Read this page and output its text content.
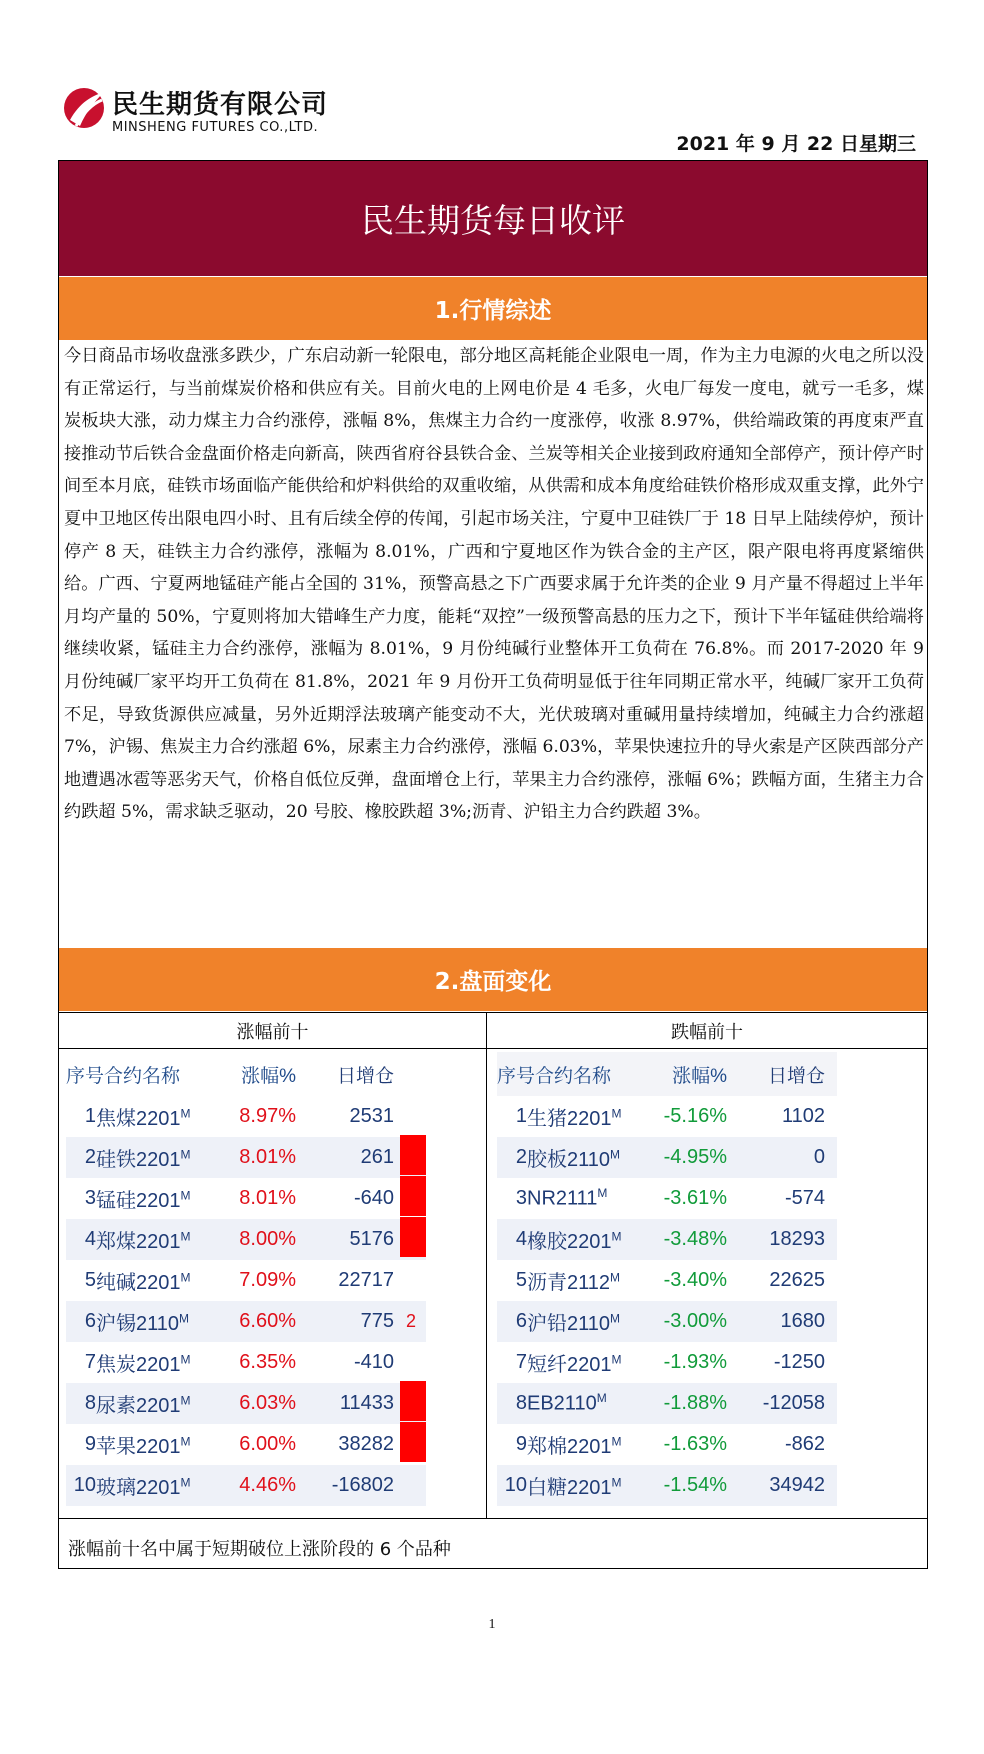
民生期货有限公司
MINSHENG FUTURES CO.,LTD.
2021 年 9 月 22 日星期三
民生期货每日收评
1.行情综述
今日商品市场收盘涨多跌少，广东启动新一轮限电，部分地区高耗能企业限电一周，作为主力电源的火电之所以没有正常运行，与当前煤炭价格和供应有关。目前火电的上网电价是 4 毛多，火电厂每发一度电，就亏一毛多，煤炭板块大涨，动力煤主力合约涨停，涨幅 8%，焦煤主力合约一度涨停，收涨 8.97%，供给端政策的再度束严直接推动节后铁合金盘面价格走向新高，陕西省府谷县铁合金、兰炭等相关企业接到政府通知全部停产，预计停产时间至本月底，硅铁市场面临产能供给和炉料供给的双重收缩，从供需和成本角度给硅铁价格形成双重支撑，此外宁夏中卫地区传出限电四小时、且有后续全停的传闻，引起市场关注，宁夏中卫硅铁厂于 18 日早上陆续停炉，预计停产 8 天，硅铁主力合约涨停，涨幅为 8.01%，广西和宁夏地区作为铁合金的主产区，限产限电将再度紧缩供给。广西、宁夏两地锰硅产能占全国的 31%，预警高悬之下广西要求属于允许类的企业 9 月产量不得超过上半年月均产量的 50%，宁夏则将加大错峰生产力度，能耗“双控”一级预警高悬的压力之下，预计下半年锰硅供给端将继续收紧，锰硅主力合约涨停，涨幅为 8.01%，9 月份纯碱行业整体开工负荷在 76.8%。而 2017-2020 年 9 月份纯碱厂家平均开工负荷在 81.8%，2021 年 9 月份开工负荷明显低于往年同期正常水平，纯碱厂家开工负荷不足，导致货源供应减量，另外近期浮法玻璃产能变动不大，光伏玻璃对重碱用量持续增加，纯碱主力合约涨超 7%，沪锡、焦炭主力合约涨超 6%，尿素主力合约涨停，涨幅 6.03%，苹果快速拉升的导火索是产区陕西部分产地遭遇冰雹等恶劣天气，价格自低位反弹，盘面增仓上行，苹果主力合约涨停，涨幅 6%；跌幅方面，生猪主力合约跌超 5%，需求缺乏驱动，20 号胶、橡胶跌超 3%;沥青、沪铅主力合约跌超 3%。
2.盘面变化
涨幅前十	跌幅前十
序号合约名称	涨幅%	日增仓
1 焦煤$2201^M$	8.97%	2531
2 硅铁$2201^M$	8.01%	261
3 锰硅$2201^M$	8.01%	-640
4 郑煤$2201^M$	8.00%	5176
5 纯碱$2201^M$	7.09%	22717
6 沪锡$2110^M$	6.60%	775 2
7 焦炭$2201^M$	6.35%	-410
8 尿素$2201^M$	6.03%	11433
9 苹果$2201^M$	6.00%	38282
10 玻璃$2201^M$	4.46%	-16802
序号合约名称	涨幅%	日增仓
1 生猪$2201^M$	-5.16%	1102
2 胶板$2110^M$	-4.95%	0
3 $NR2111^M$	-3.61%	-574
4 橡胶$2201^M$	-3.48%	18293
5 沥青$2112^M$	-3.40%	22625
6 沪铅$2110^M$	-3.00%	1680
7 短纤$2201^M$	-1.93%	-1250
8 $EB2110^M$	-1.88%	-12058
9 郑棉$2201^M$	-1.63%	-862
10 白糖$2201^M$	-1.54%	34942
涨幅前十名中属于短期破位上涨阶段的 6 个品种
1
